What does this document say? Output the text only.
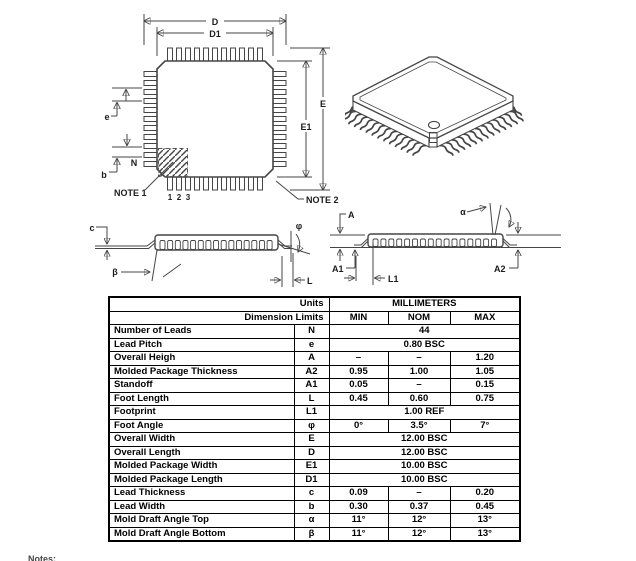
D
D1
E
E1
e
b
N
NOTE 1	1 2 3	NOTE 2
c
β
φ
L
A
A1	A2
L1
α
Units		MILLIMETERS		
Dimension Limits		MIN	NOM	MAX
Number of Leads	N	44		
Lead Pitch	e	0.80 BSC		
Overall Heigh	A	–	–	1.20
Molded Package Thickness	A2	0.95	1.00	1.05
Standoff	A1	0.05	–	0.15
Foot Length	L	0.45	0.60	0.75
Footprint	L1	1.00 REF		
Foot Angle	φ	0°	3.5°	7°
Overall Width	E	12.00 BSC		
Overall Length	D	12.00 BSC		
Molded Package Width	E1	10.00 BSC		
Molded Package Length	D1	10.00 BSC		
Lead Thickness	c	0.09	–	0.20
Lead Width	b	0.30	0.37	0.45
Mold Draft Angle Top	α	11°	12°	13°
Mold Draft Angle Bottom	β	11°	12°	13°
Notes:
